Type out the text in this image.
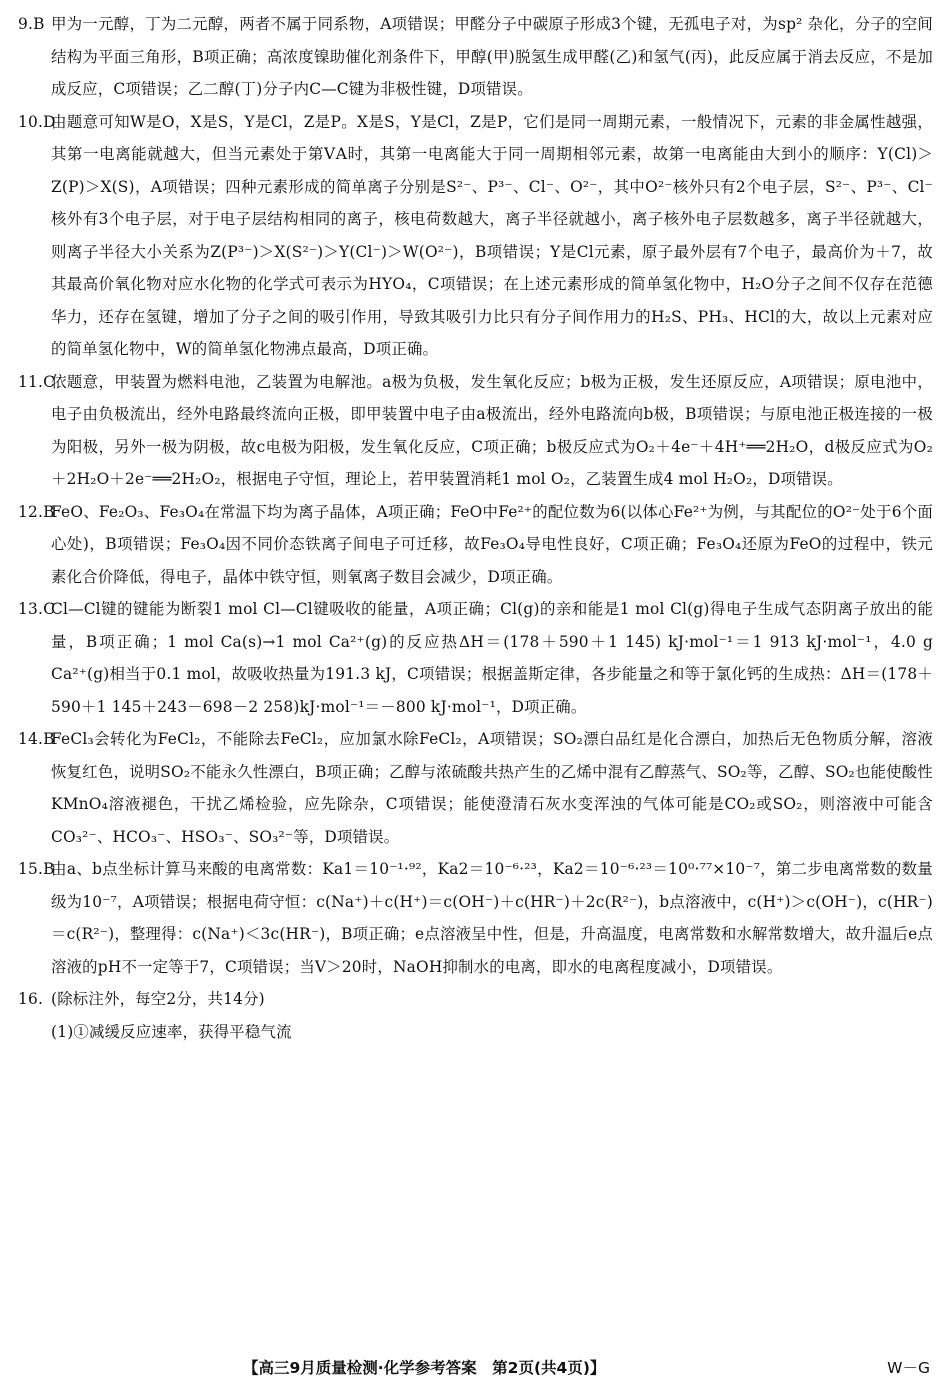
9.B 甲为一元醇，丁为二元醇，两者不属于同系物，A项错误；甲醛分子中碳原子形成3个键，无孤电子对，为sp² 杂化，分子的空间结构为平面三角形，B项正确；高浓度镍助催化剂条件下，甲醇(甲)脱氢生成甲醛(乙)和氢气(丙)，此反应属于消去反应，不是加成反应，C项错误；乙二醇(丁)分子内C—C键为非极性键，D项错误。
10.D由题意可知W是O，X是S，Y是Cl，Z是P。X是S，Y是Cl，Z是P，它们是同一周期元素，一般情况下，元素的非金属性越强，其第一电离能就越大，但当元素处于第ⅤA时，其第一电离能大于同一周期相邻元素，故第一电离能由大到小的顺序：Y(Cl)＞Z(P)＞X(S)，A项错误；四种元素形成的简单离子分别是S²⁻、P³⁻、Cl⁻、O²⁻，其中O²⁻核外只有2个电子层，S²⁻、P³⁻、Cl⁻核外有3个电子层，对于电子层结构相同的离子，核电荷数越大，离子半径就越小，离子核外电子层数越多，离子半径就越大，则离子半径大小关系为Z(P³⁻)＞X(S²⁻)＞Y(Cl⁻)＞W(O²⁻)，B项错误；Y是Cl元素，原子最外层有7个电子，最高价为＋7，故其最高价氧化物对应水化物的化学式可表示为HYO₄，C项错误；在上述元素形成的简单氢化物中，H₂O分子之间不仅存在范德华力，还存在氢键，增加了分子之间的吸引作用，导致其吸引力比只有分子间作用力的H₂S、PH₃、HCl的大，故以上元素对应的简单氢化物中，W的简单氢化物沸点最高，D项正确。
11.C依题意，甲装置为燃料电池，乙装置为电解池。a极为负极，发生氧化反应；b极为正极，发生还原反应，A项错误；原电池中，电子由负极流出，经外电路最终流向正极，即甲装置中电子由a极流出，经外电路流向b极，B项错误；与原电池正极连接的一极为阳极，另外一极为阴极，故c电极为阳极，发生氧化反应，C项正确；b极反应式为O₂＋4e⁻＋4H⁺══2H₂O，d极反应式为O₂＋2H₂O＋2e⁻══2H₂O₂，根据电子守恒，理论上，若甲装置消耗1 mol O₂，乙装置生成4 mol H₂O₂，D项错误。
12.BFeO、Fe₂O₃、Fe₃O₄在常温下均为离子晶体，A项正确；FeO中Fe²⁺的配位数为6(以体心Fe²⁺为例，与其配位的O²⁻处于6个面心处)，B项错误；Fe₃O₄因不同价态铁离子间电子可迁移，故Fe₃O₄导电性良好，C项正确；Fe₃O₄还原为FeO的过程中，铁元素化合价降低，得电子，晶体中铁守恒，则氧离子数目会减少，D项正确。
13.CCl—Cl键的键能为断裂1 mol Cl—Cl键吸收的能量，A项正确；Cl(g)的亲和能是1 mol Cl(g)得电子生成气态阴离子放出的能量，B项正确；1 mol Ca(s)→1 mol Ca²⁺(g)的反应热ΔH＝(178＋590＋1 145) kJ·mol⁻¹＝1 913 kJ·mol⁻¹，4.0 g Ca²⁺(g)相当于0.1 mol，故吸收热量为191.3 kJ，C项错误；根据盖斯定律，各步能量之和等于氯化钙的生成热：ΔH＝(178＋590＋1 145＋243－698－2 258)kJ·mol⁻¹＝－800 kJ·mol⁻¹，D项正确。
14.BFeCl₃会转化为FeCl₂，不能除去FeCl₂，应加氯水除FeCl₂，A项错误；SO₂漂白品红是化合漂白，加热后无色物质分解，溶液恢复红色，说明SO₂不能永久性漂白，B项正确；乙醇与浓硫酸共热产生的乙烯中混有乙醇蒸气、SO₂等，乙醇、SO₂也能使酸性KMnO₄溶液褪色，干扰乙烯检验，应先除杂，C项错误；能使澄清石灰水变浑浊的气体可能是CO₂或SO₂，则溶液中可能含CO₃²⁻、HCO₃⁻、HSO₃⁻、SO₃²⁻等，D项错误。
15.B由a、b点坐标计算马来酸的电离常数：Ka1＝10⁻¹·⁹²，Ka2＝10⁻⁶·²³，Ka2＝10⁻⁶·²³＝10⁰·⁷⁷×10⁻⁷，第二步电离常数的数量级为10⁻⁷，A项错误；根据电荷守恒：c(Na⁺)＋c(H⁺)＝c(OH⁻)＋c(HR⁻)＋2c(R²⁻)，b点溶液中，c(H⁺)＞c(OH⁻)，c(HR⁻)＝c(R²⁻)，整理得：c(Na⁺)＜3c(HR⁻)，B项正确；e点溶液呈中性，但是，升高温度，电离常数和水解常数增大，故升温后e点溶液的pH不一定等于7，C项错误；当V＞20时，NaOH抑制水的电离，即水的电离程度减小，D项错误。
16. (除标注外，每空2分，共14分)
(1)①减缓反应速率，获得平稳气流
【高三9月质量检测·化学参考答案　第2页(共4页)】	W－G
